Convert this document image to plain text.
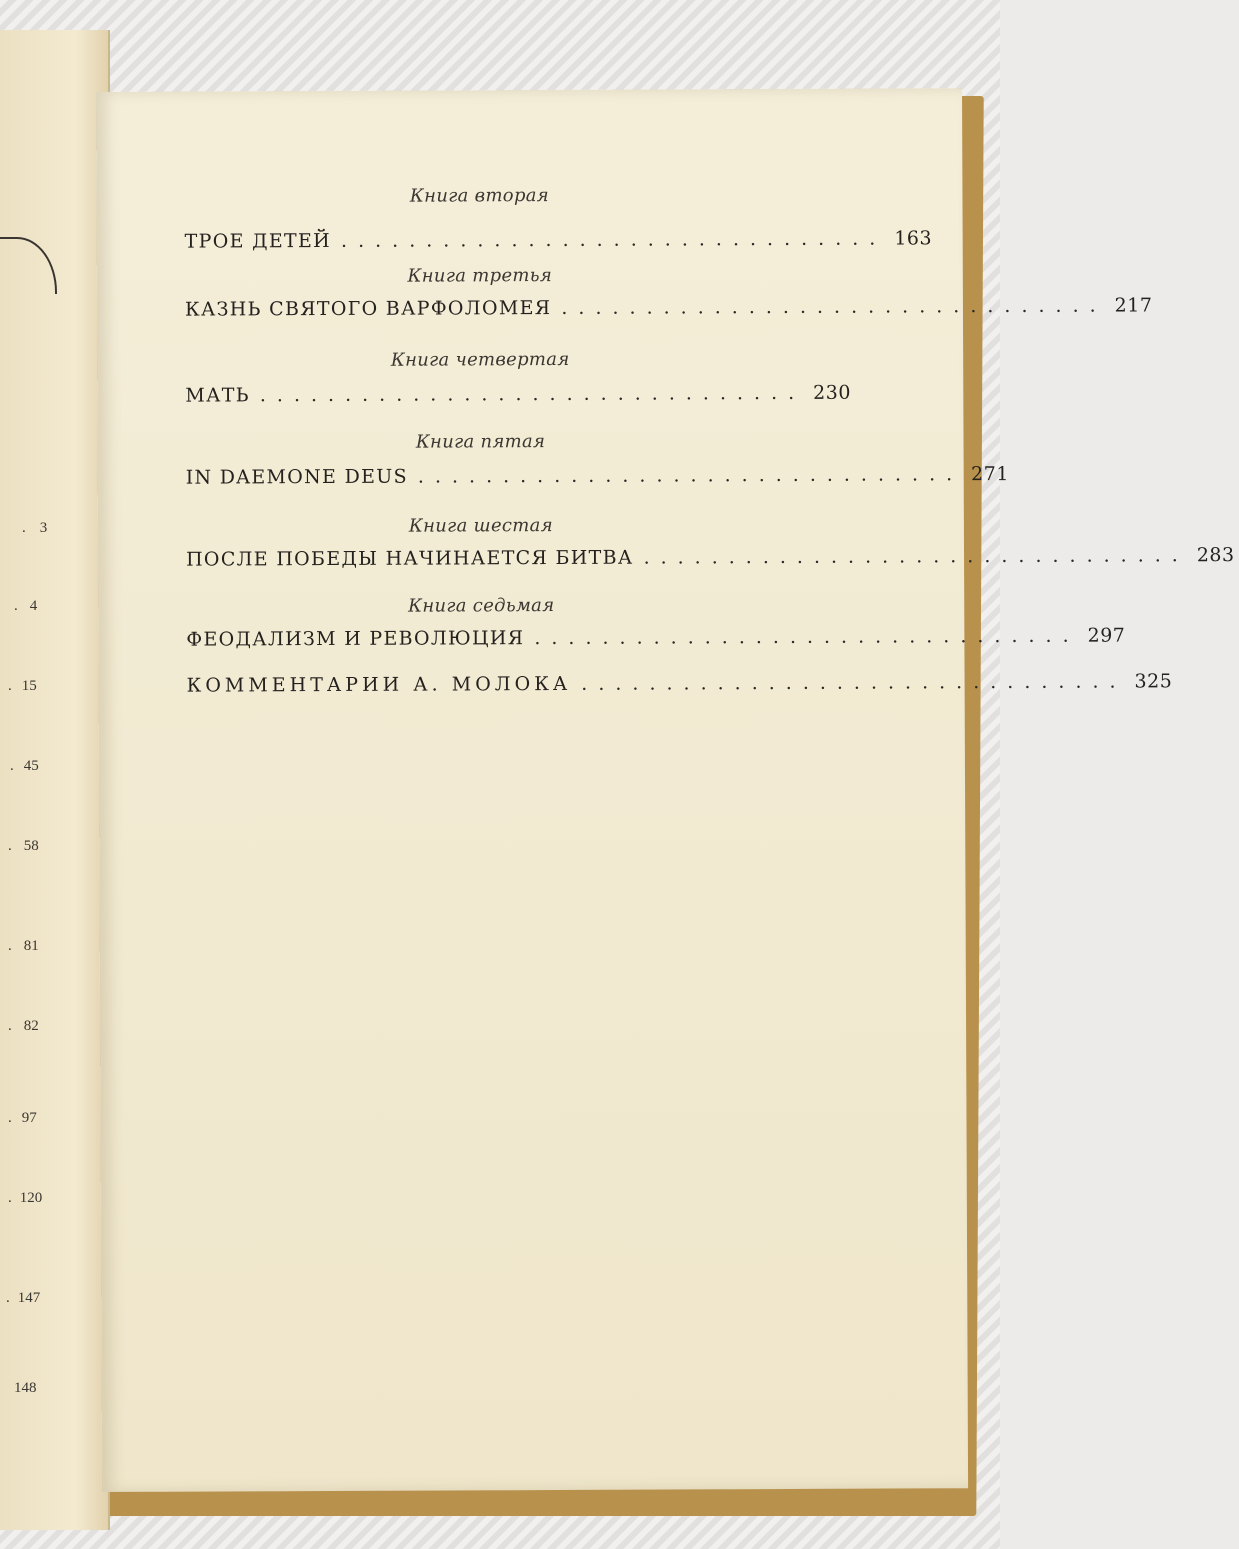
. 3
. 4
. 15
. 45
. 58
. 81
. 82
. 97
. 120
. 147
148
Книга вторая
ТРОЕ ДЕТЕЙ ................................ 163
Книга третья
КАЗНЬ СВЯТОГО ВАРФОЛОМЕЯ ................................ 217
Книга четвертая
МАТЬ ................................ 230
Книга пятая
IN DAEMONE DEUS ................................ 271
Книга шестая
ПОСЛЕ ПОБЕДЫ НАЧИНАЕТСЯ БИТВА ................................ 283
Книга седьмая
ФЕОДАЛИЗМ И РЕВОЛЮЦИЯ ................................ 297
КОММЕНТАРИИ А. МОЛОКА ................................ 325
